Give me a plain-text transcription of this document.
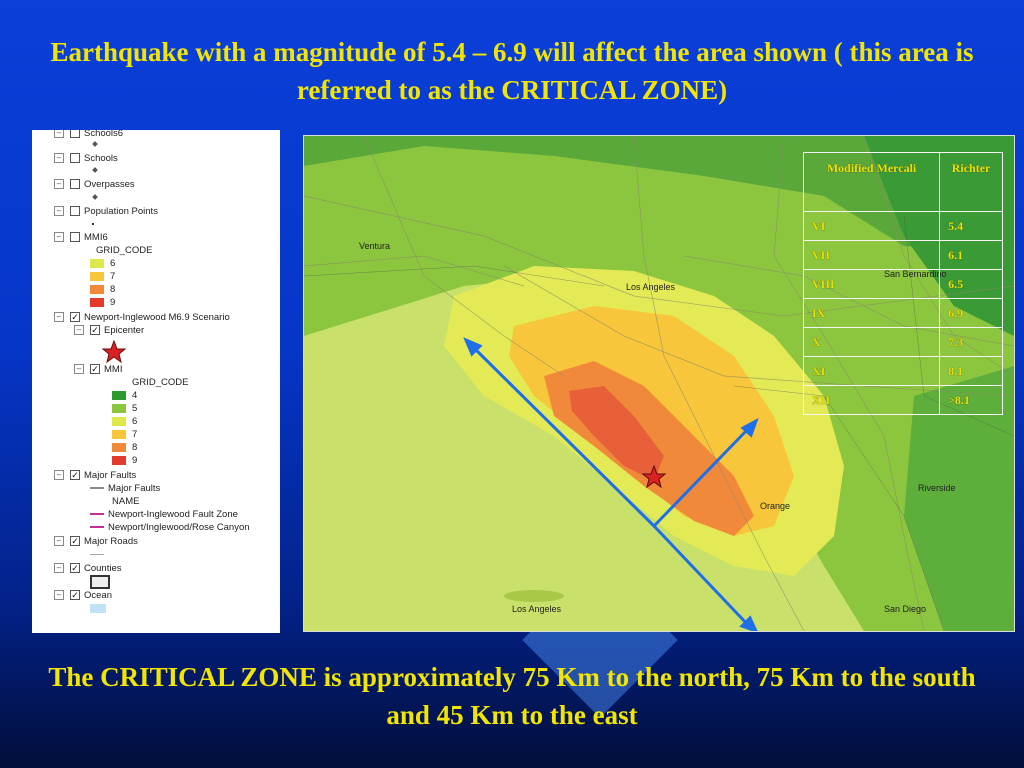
Earthquake with a magnitude of 5.4 – 6.9 will affect the area shown ( this area is referred to as the CRITICAL ZONE)
– Schools6
– Schools
– Overpasses
– Population Points
– MMI6
GRID_CODE
6
7
8
9
– ✓ Newport-Inglewood M6.9 Scenario
– ✓ Epicenter
– ✓ MMI
GRID_CODE
4
5
6
7
8
9
– ✓ Major Faults
Major Faults
NAME
Newport-Inglewood Fault Zone
Newport/Inglewood/Rose Canyon
– ✓ Major Roads
– ✓ Counties
– ✓ Ocean
Ventura
Los Angeles
San Bernardino
Riverside
Orange
Los Angeles	San Diego
Modified Mercali	Richter
VI	5.4
VII	6.1
VIII	6.5
IX	6.9
X	7.3
XI	8.1
XII	>8.1
The CRITICAL ZONE is approximately 75 Km to the north, 75 Km to the south and 45 Km to the east
